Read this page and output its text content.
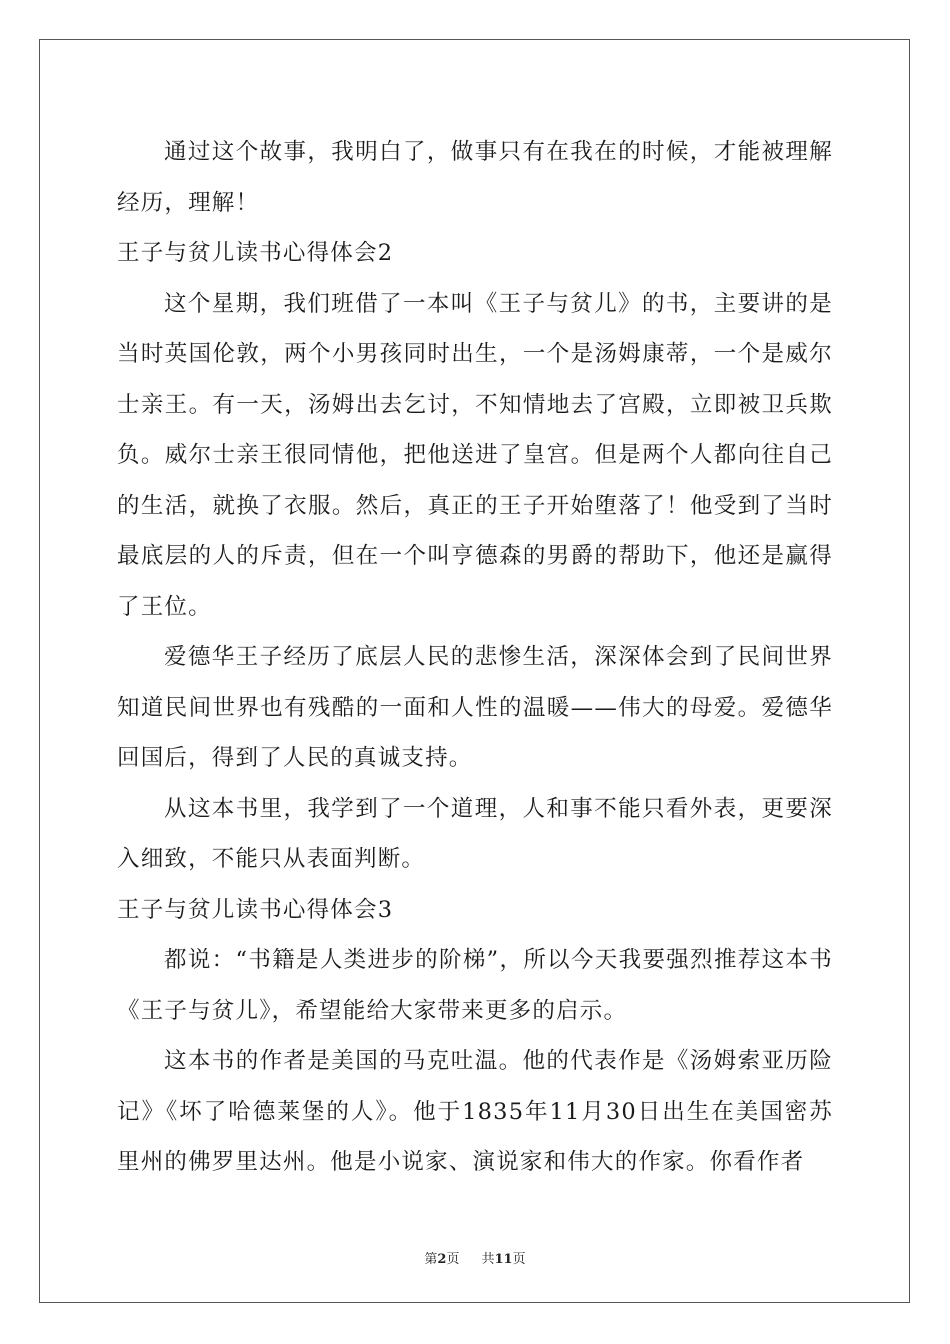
通过这个故事，我明白了，做事只有在我在的时候，才能被理解经历，理解！

王子与贫儿读书心得体会2

这个星期，我们班借了一本叫《王子与贫儿》的书，主要讲的是当时英国伦敦，两个小男孩同时出生，一个是汤姆康蒂，一个是威尔士亲王。有一天，汤姆出去乞讨，不知情地去了宫殿，立即被卫兵欺负。威尔士亲王很同情他，把他送进了皇宫。但是两个人都向往自己的生活，就换了衣服。然后，真正的王子开始堕落了！他受到了当时最底层的人的斥责，但在一个叫亨德森的男爵的帮助下，他还是赢得了王位。

爱德华王子经历了底层人民的悲惨生活，深深体会到了民间世界知道民间世界也有残酷的一面和人性的温暖——伟大的母爱。爱德华回国后，得到了人民的真诚支持。

从这本书里，我学到了一个道理，人和事不能只看外表，更要深入细致，不能只从表面判断。

王子与贫儿读书心得体会3

都说：“书籍是人类进步的阶梯”，所以今天我要强烈推荐这本书《王子与贫儿》，希望能给大家带来更多的启示。

这本书的作者是美国的马克吐温。他的代表作是《汤姆索亚历险记》《坏了哈德莱堡的人》。他于1835年11月30日出生在美国密苏里州的佛罗里达州。他是小说家、演说家和伟大的作家。你看作者

第2页 共11页
